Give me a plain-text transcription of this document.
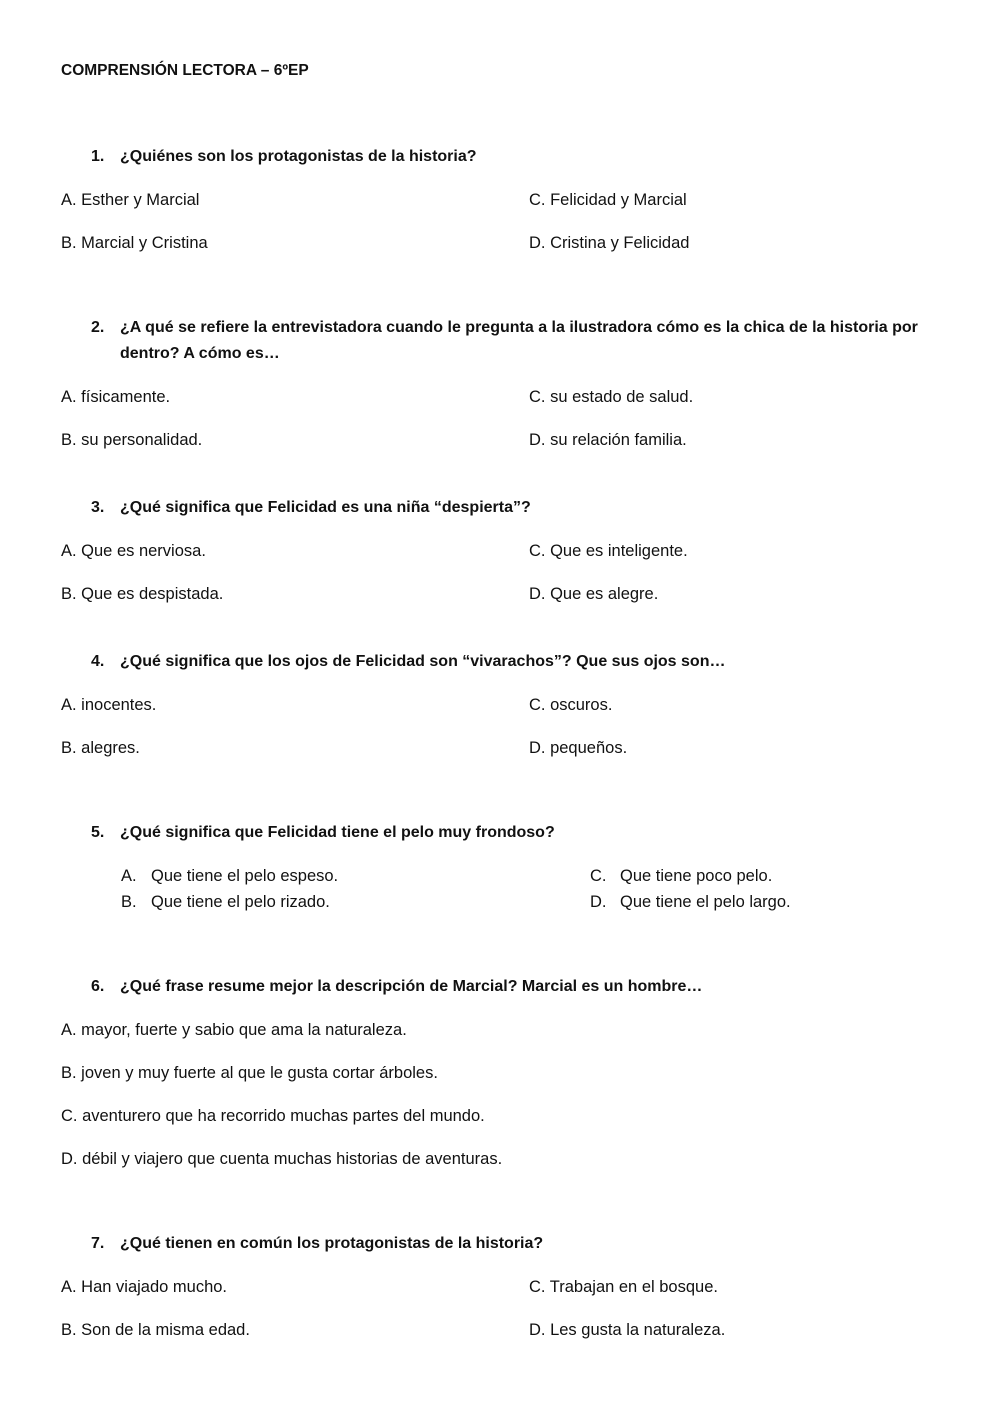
COMPRENSIÓN LECTORA – 6ºEP
1. ¿Quiénes son los protagonistas de la historia?
A. Esther y Marcial	C. Felicidad y Marcial
B. Marcial y Cristina	D. Cristina y Felicidad
2. ¿A qué se refiere la entrevistadora cuando le pregunta a la ilustradora cómo es la chica de la historia por dentro? A cómo es…
A. físicamente.	C. su estado de salud.
B. su personalidad.	D. su relación familia.
3. ¿Qué significa que Felicidad es una niña “despierta”?
A. Que es nerviosa.	C. Que es inteligente.
B. Que es despistada.	D. Que es alegre.
4. ¿Qué significa que los ojos de Felicidad son “vivarachos”? Que sus ojos son…
A. inocentes.	C. oscuros.
B. alegres.	D. pequeños.
5. ¿Qué significa que Felicidad tiene el pelo muy frondoso?
A. Que tiene el pelo espeso.	C. Que tiene poco pelo.
B. Que tiene el pelo rizado.	D. Que tiene el pelo largo.
6. ¿Qué frase resume mejor la descripción de Marcial? Marcial es un hombre…
A. mayor, fuerte y sabio que ama la naturaleza.
B. joven y muy fuerte al que le gusta cortar árboles.
C. aventurero que ha recorrido muchas partes del mundo.
D. débil y viajero que cuenta muchas historias de aventuras.
7. ¿Qué tienen en común los protagonistas de la historia?
A. Han viajado mucho.	C. Trabajan en el bosque.
B. Son de la misma edad.	D. Les gusta la naturaleza.
